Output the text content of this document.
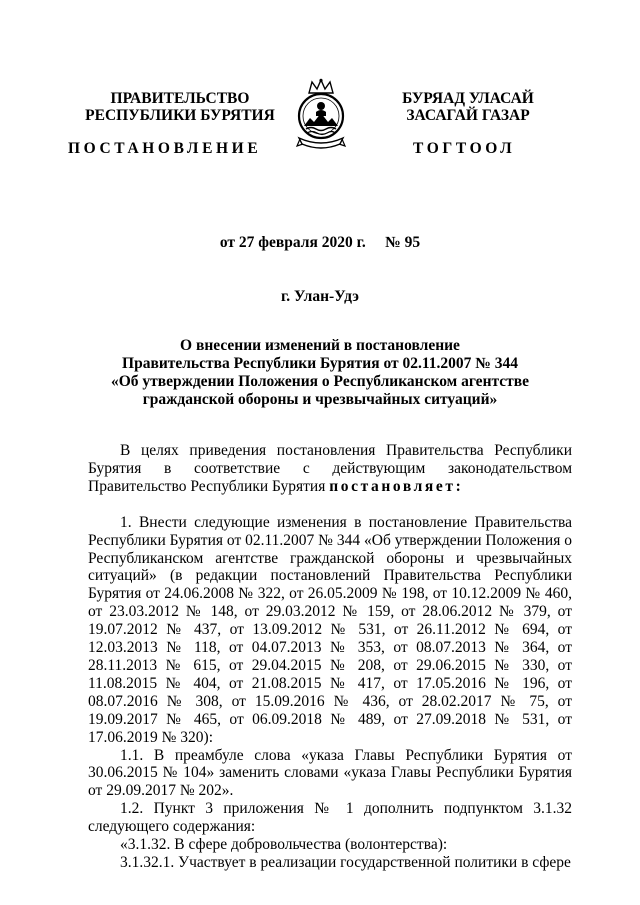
ПРАВИТЕЛЬСТВО
РЕСПУБЛИКИ БУРЯТИЯ
БУРЯАД УЛАСАЙ
ЗАСАГАЙ ГАЗАР
ПОСТАНОВЛЕНИЕ	ТОГТООЛ
от 27 февраля 2020 г.     № 95
г. Улан-Удэ
О внесении изменений в постановление
Правительства Республики Бурятия от 02.11.2007 № 344
«Об утверждении Положения о Республиканском агентстве
гражданской обороны и чрезвычайных ситуаций»

В целях приведения постановления Правительства Республики Бурятия в соответствие с действующим законодательством Правительство Республики Бурятия постановляет:

1. Внести следующие изменения в постановление Правительства Республики Бурятия от 02.11.2007 № 344 «Об утверждении Положения о Республиканском агентстве гражданской обороны и чрезвычайных ситуаций» (в редакции постановлений Правительства Республики Бурятия от 24.06.2008 № 322, от 26.05.2009 № 198, от 10.12.2009 № 460, от 23.03.2012 № 148, от 29.03.2012 № 159, от 28.06.2012 № 379, от 19.07.2012 № 437, от 13.09.2012 № 531, от 26.11.2012 № 694, от 12.03.2013 № 118, от 04.07.2013 № 353, от 08.07.2013 № 364, от 28.11.2013 № 615, от 29.04.2015 № 208, от 29.06.2015 № 330, от 11.08.2015 № 404, от 21.08.2015 № 417, от 17.05.2016 № 196, от 08.07.2016 № 308, от 15.09.2016 № 436, от 28.02.2017 № 75, от 19.09.2017 № 465, от 06.09.2018 № 489, от 27.09.2018 № 531, от 17.06.2019 № 320):

1.1. В преамбуле слова «указа Главы Республики Бурятия от 30.06.2015 № 104» заменить словами «указа Главы Республики Бурятия от 29.09.2017 № 202».

1.2. Пункт 3 приложения № 1 дополнить подпунктом 3.1.32 следующего содержания:

«3.1.32. В сфере добровольчества (волонтерства):

3.1.32.1. Участвует в реализации государственной политики в сфере
